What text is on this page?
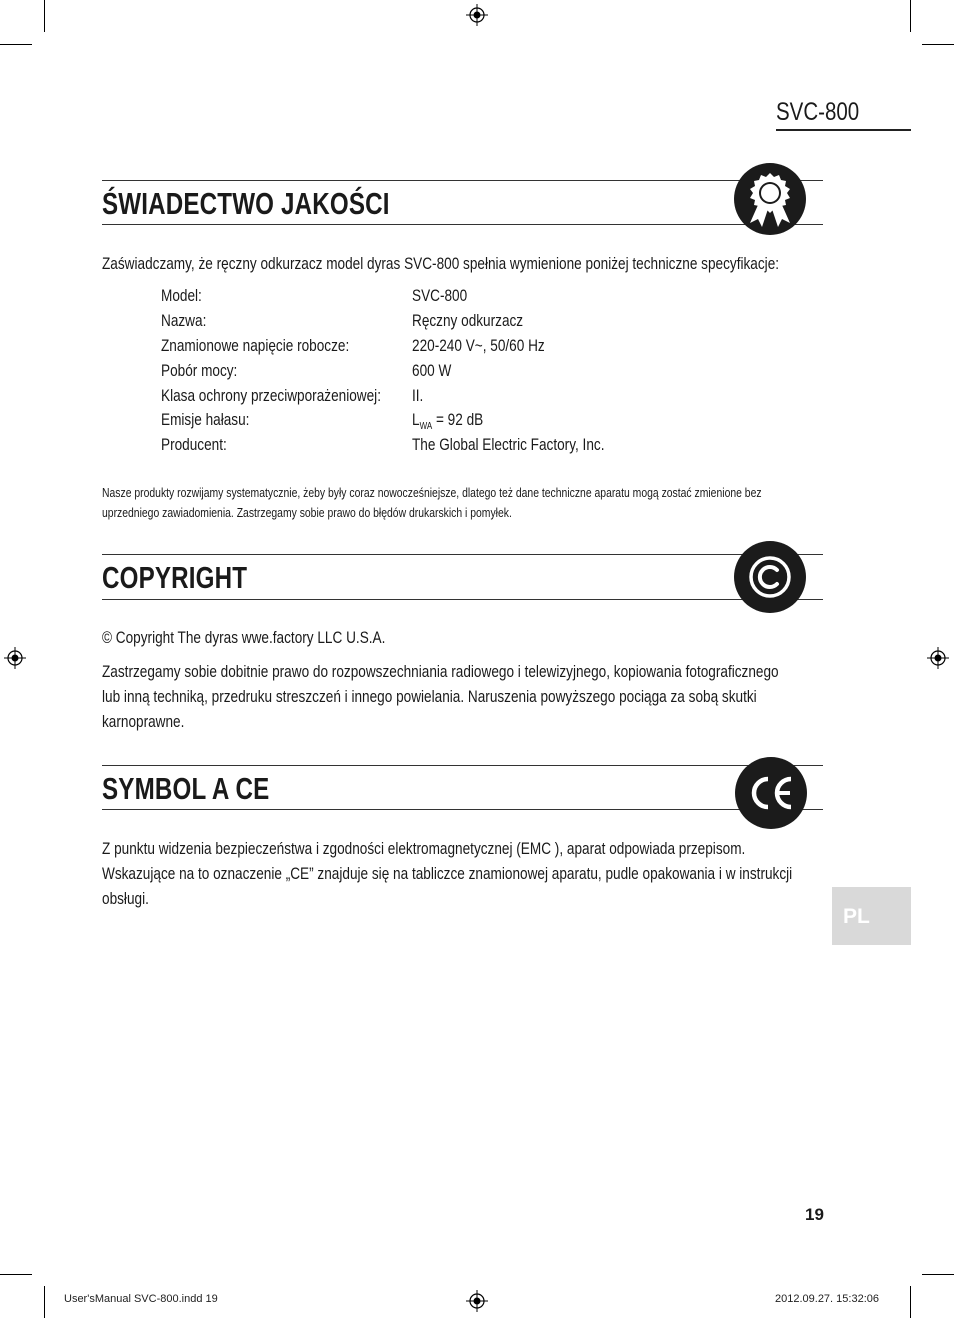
SVC-800
ŚWIADECTWO JAKOŚCI
Zaświadczamy, że ręczny odkurzacz model dyras SVC-800 spełnia wymienione poniżej techniczne specyfikacje:
Model:	SVC-800
Nazwa:	Ręczny odkurzacz
Znamionowe napięcie robocze:	220-240 V~, 50/60 Hz
Pobór mocy:	600 W
Klasa ochrony przeciwporażeniowej: II.
Emisje hałasu:	$L_{WA} = 92$ dB
Producent:	The Global Electric Factory, Inc.
Nasze produkty rozwijamy systematycznie, żeby były coraz nowocześniejsze, dlatego też dane techniczne aparatu mogą zostać zmienione bez
uprzedniego zawiadomienia. Zastrzegamy sobie prawo do błędów drukarskich i pomyłek.
COPYRIGHT
© Copyright The dyras wwe.factory LLC U.S.A.
Zastrzegamy sobie dobitnie prawo do rozpowszechniania radiowego i telewizyjnego, kopiowania fotograficznego
lub inną techniką, przedruku streszczeń i innego powielania. Naruszenia powyższego pociąga za sobą skutki
karnoprawne.
SYMBOL A CE
Z punktu widzenia bezpieczeństwa i zgodności elektromagnetycznej (EMC ), aparat odpowiada przepisom.
Wskazujące na to oznaczenie „CE” znajduje się na tabliczce znamionowej aparatu, pudle opakowania i w instrukcji
obsługi.
PL
19
User'sManual SVC-800.indd 19	2012.09.27. 15:32:06
